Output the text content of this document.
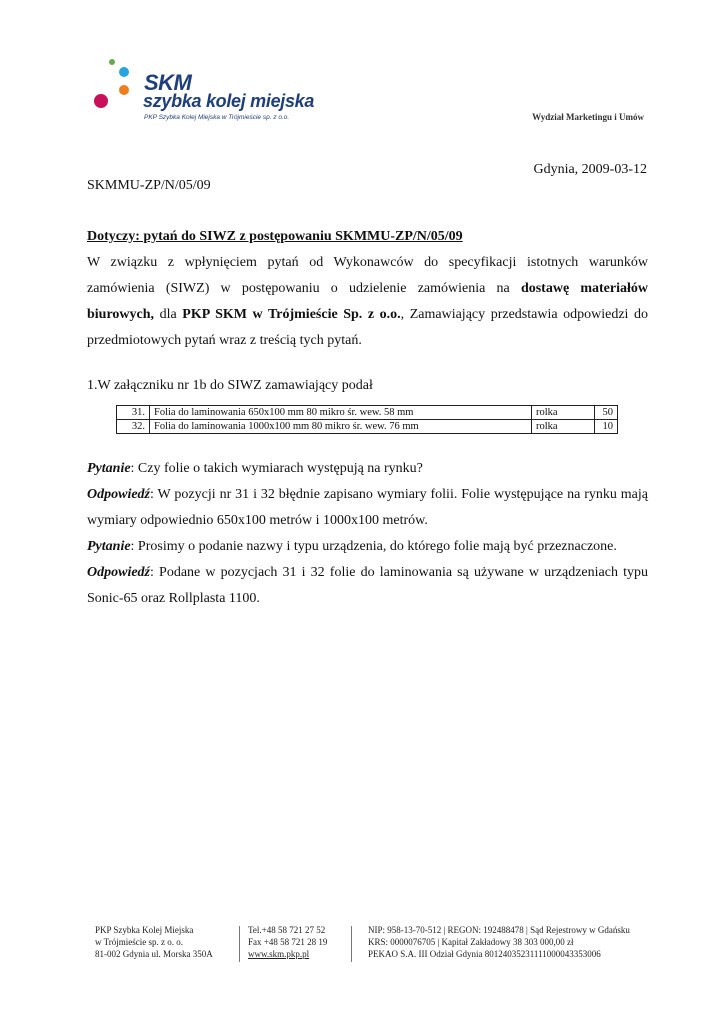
SKM
szybka kolej miejska
PKP Szybka Kolej Miejska w Trójmieście sp. z o.o.	Wydział Marketingu i Umów
Gdynia, 2009-03-12
SKMMU-ZP/N/05/09
Dotyczy: pytań do SIWZ z postępowaniu SKMMU-ZP/N/05/09

W związku z wpłynięciem pytań od Wykonawców do specyfikacji istotnych warunków zamówienia (SIWZ) w postępowaniu o udzielenie zamówienia na dostawę materiałów biurowych, dla PKP SKM w Trójmieście Sp. z o.o., Zamawiający przedstawia odpowiedzi do przedmiotowych pytań wraz z treścią tych pytań.

1.W załączniku nr 1b do SIWZ zamawiający podał
31.	Folia do laminowania 650x100 mm 80 mikro śr. wew. 58 mm	rolka	50
32.	Folia do laminowania 1000x100 mm 80 mikro śr. wew. 76 mm	rolka	10

Pytanie: Czy folie o takich wymiarach występują na rynku?

Odpowiedź: W pozycji nr 31 i 32 błędnie zapisano wymiary folii. Folie występujące na rynku mają wymiary odpowiednio 650x100 metrów i 1000x100 metrów.

Pytanie: Prosimy o podanie nazwy i typu urządzenia, do którego folie mają być przeznaczone.

Odpowiedź: Podane w pozycjach 31 i 32 folie do laminowania są używane w urządzeniach typu Sonic-65 oraz Rollplasta 1100.

PKP Szybka Kolej Miejska
w Trójmieście sp. z o. o.
81-002 Gdynia ul. Morska 350A
Tel.+48 58 721 27 52
Fax +48 58 721 28 19
www.skm.pkp.pl
NIP: 958-13-70-512 | REGON: 192488478 | Sąd Rejestrowy w Gdańsku
KRS: 0000076705 | Kapitał Zakładowy 38 303 000,00 zł
PEKAO S.A. III Odział Gdynia 80124035231111000043353006
